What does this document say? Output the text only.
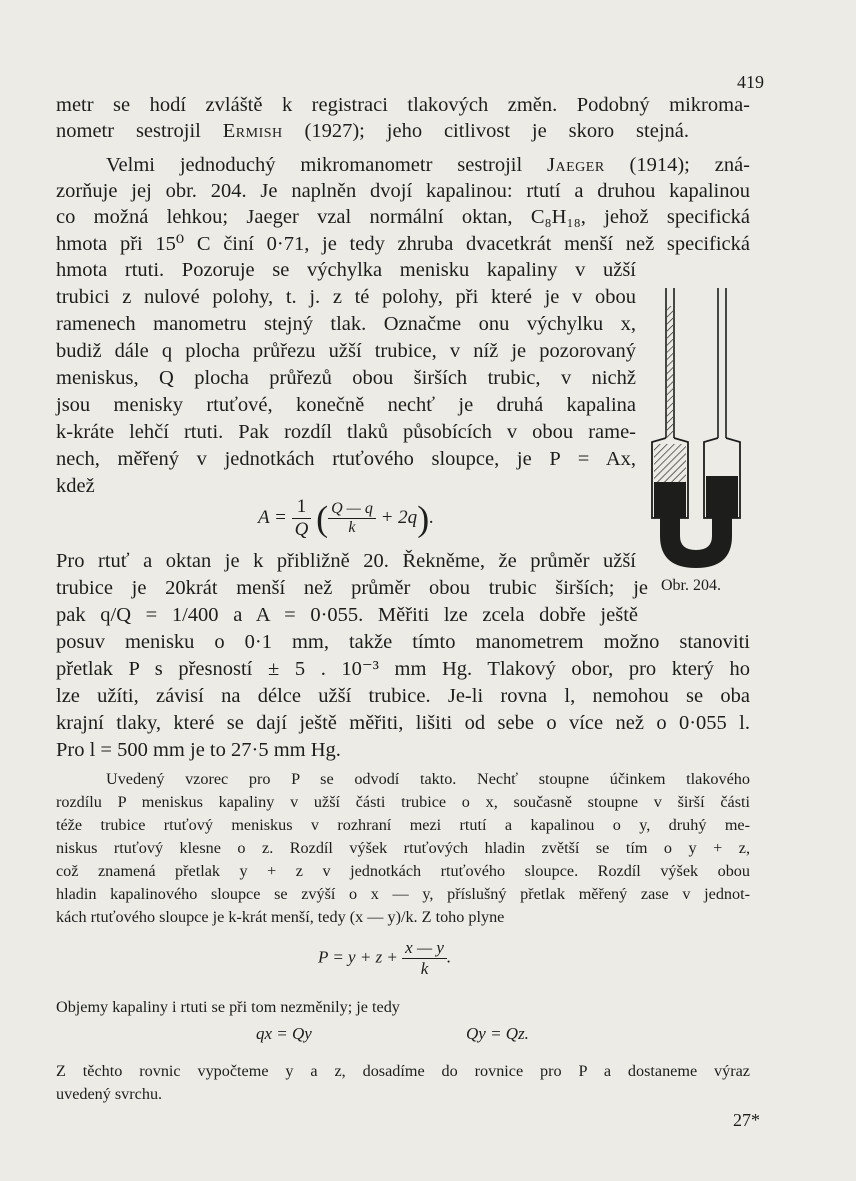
419
metr se hodí zvláště k registraci tlakových změn. Podobný mikroma-
nometr sestrojil Ermish (1927); jeho citlivost je skoro stejná.
Velmi jednoduchý mikromanometr sestrojil Jaeger (1914); zná-
zorňuje jej obr. 204. Je naplněn dvojí kapalinou: rtutí a druhou kapalinou
co možná lehkou; Jaeger vzal normální oktan, C₈H₁₈, jehož specifická
hmota při 15⁰ C činí 0·71, je tedy zhruba dvacetkrát menší než specifická
hmota rtuti. Pozoruje se výchylka menisku kapaliny v užší
trubici z nulové polohy, t. j. z té polohy, při které je v obou
ramenech manometru stejný tlak. Označme onu výchylku x,
budiž dále q plocha průřezu užší trubice, v níž je pozorovaný
meniskus, Q plocha průřezů obou širších trubic, v nichž
jsou menisky rtuťové, konečně nechť je druhá kapalina
k-kráte lehčí rtuti. Pak rozdíl tlaků působících v obou rame-
nech, měřený v jednotkách rtuťového sloupce, je P = Ax,
kdež
$A = \frac{1}{Q}$ ( $\frac{Q — q}{k} + 2q$).
Pro rtuť a oktan je k přibližně 20. Řekněme, že průměr užší
trubice je 20krát menší než průměr obou trubic širších; je
pak q/Q = 1/400 a A = 0·055. Měřiti lze zcela dobře ještě
posuv menisku o 0·1 mm, takže tímto manometrem možno stanoviti
přetlak P s přesností ± 5 . 10⁻³ mm Hg. Tlakový obor, pro který ho
lze užíti, závisí na délce užší trubice. Je-li rovna l, nemohou se oba
krajní tlaky, které se dají ještě měřiti, lišiti od sebe o více než o 0·055 l.
Pro l = 500 mm je to 27·5 mm Hg.
Uvedený vzorec pro P se odvodí takto. Nechť stoupne účinkem tlakového
rozdílu P meniskus kapaliny v užší části trubice o x, současně stoupne v širší části
téže trubice rtuťový meniskus v rozhraní mezi rtutí a kapalinou o y, druhý me-
niskus rtuťový klesne o z. Rozdíl výšek rtuťových hladin zvětší se tím o y + z,
což znamená přetlak y + z v jednotkách rtuťového sloupce. Rozdíl výšek obou
hladin kapalinového sloupce se zvýší o x — y, příslušný přetlak měřený zase v jednot-
kách rtuťového sloupce je k-krát menší, tedy (x — y)/k. Z toho plyne
$P = y + z + \frac{x — y}{k}$ .
Objemy kapaliny i rtuti se při tom nezměnily; je tedy
qx = Qy	Qy = Qz.
Z těchto rovnic vypočteme y a z, dosadíme do rovnice pro P a dostaneme výraz
uvedený svrchu.
Obr. 204.
27*
